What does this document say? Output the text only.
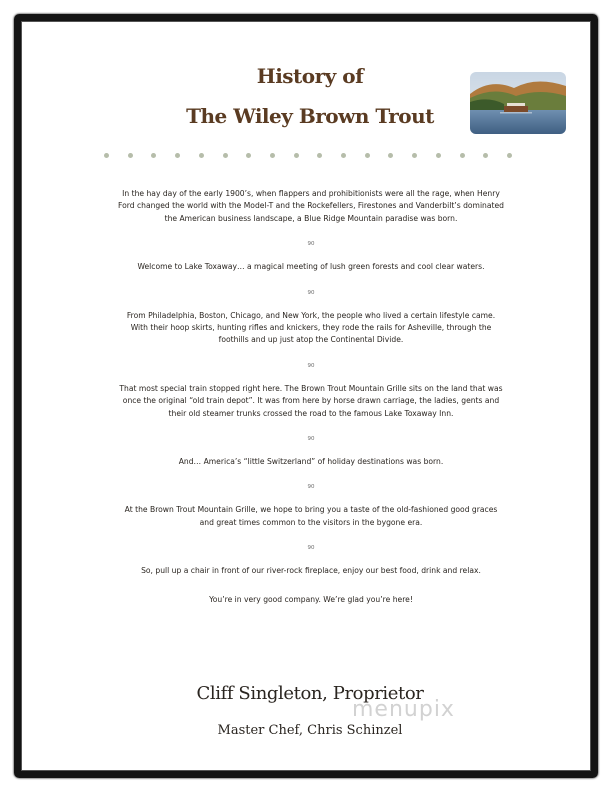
History of
The Wiley Brown Trout

In the hay day of the early 1900’s, when flappers and prohibitionists were all the rage, when Henry Ford changed the world with the Model-T and the Rockefellers, Firestones and Vanderbilt’s dominated the American business landscape, a Blue Ridge Mountain paradise was born.

90

Welcome to Lake Toxaway… a magical meeting of lush green forests and cool clear waters.

90

From Philadelphia, Boston, Chicago, and New York, the people who lived a certain lifestyle came. With their hoop skirts, hunting rifles and knickers, they rode the rails for Asheville, through the foothills and up just atop the Continental Divide.

90

That most special train stopped right here. The Brown Trout Mountain Grille sits on the land that was once the original “old train depot”. It was from here by horse drawn carriage, the ladies, gents and their old steamer trunks crossed the road to the famous Lake Toxaway Inn.

90

And… America’s “little Switzerland” of holiday destinations was born.

90

At the Brown Trout Mountain Grille, we hope to bring you a taste of the old-fashioned good graces and great times common to the visitors in the bygone era.

90

So, pull up a chair in front of our river-rock fireplace, enjoy our best food, drink and relax.

You’re in very good company. We’re glad you’re here!

Cliff Singleton, Proprietor

menupix

Master Chef, Chris Schinzel
